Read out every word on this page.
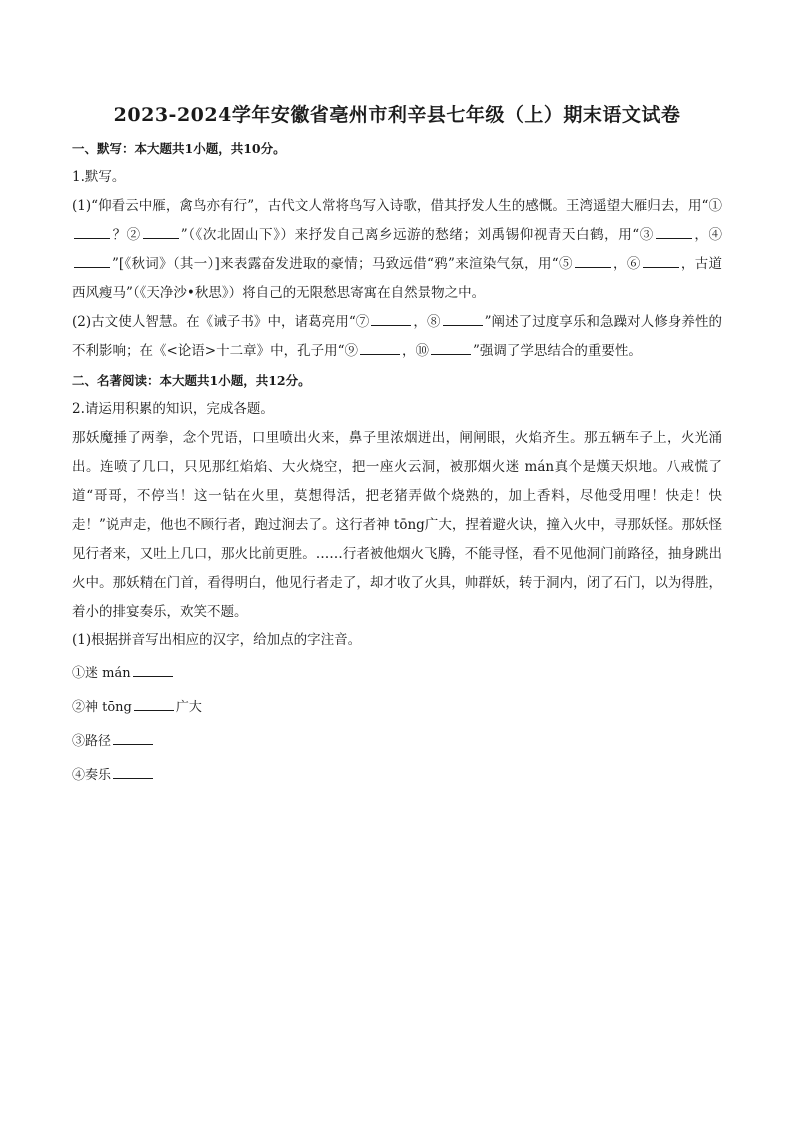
2023-2024学年安徽省亳州市利辛县七年级（上）期末语文试卷
一、默写：本大题共1小题，共10分。
1.默写。

(1)“仰看云中雁，禽鸟亦有行”，古代文人常将鸟写入诗歌，借其抒发人生的感慨。王湾遥望大雁归去，用“①？②	”（《次北固山下》）来抒发自己离乡远游的愁绪；刘禹锡仰视青天白鹤，用“③	，④”[《秋词》（其一）]来表露奋发进取的豪情；马致远借“鸦”来渲染气氛，用“⑤	，⑥	，古道西风瘦马”（《天净沙•秋思》）将自己的无限愁思寄寓在自然景物之中。

(2)古文使人智慧。在《诫子书》中，诸葛亮用“⑦	，⑧	”阐述了过度享乐和急躁对人修身养性的不利影响；在《<论语>十二章》中，孔子用“⑨	，⑩	”强调了学思结合的重要性。

二、名著阅读：本大题共1小题，共12分。
2.请运用积累的知识，完成各题。

那妖魔捶了两拳，念个咒语，口里喷出火来，鼻子里浓烟迸出，闸闸眼，火焰齐生。那五辆车子上，火光涌出。连喷了几口，只见那红焰焰、大火烧空，把一座火云洞，被那烟火迷 mán真个是熯天炽地。八戒慌了道“哥哥，不停当！这一钻在火里，莫想得活，把老猪弄做个烧熟的，加上香料，尽他受用哩！快走！快走！”说声走，他也不顾行者，跑过涧去了。这行者神 tōng广大，捏着避火诀，撞入火中，寻那妖怪。那妖怪见行者来，又吐上几口，那火比前更胜。……行者被他烟火飞腾，不能寻怪，看不见他洞门前路径，抽身跳出火中。那妖精在门首，看得明白，他见行者走了，却才收了火具，帅群妖，转于洞内，闭了石门，以为得胜，着小的排宴奏乐，欢笑不题。

(1)根据拼音写出相应的汉字，给加点的字注音。
①迷 mán
②神 tōng	广大
③路径
④奏乐
